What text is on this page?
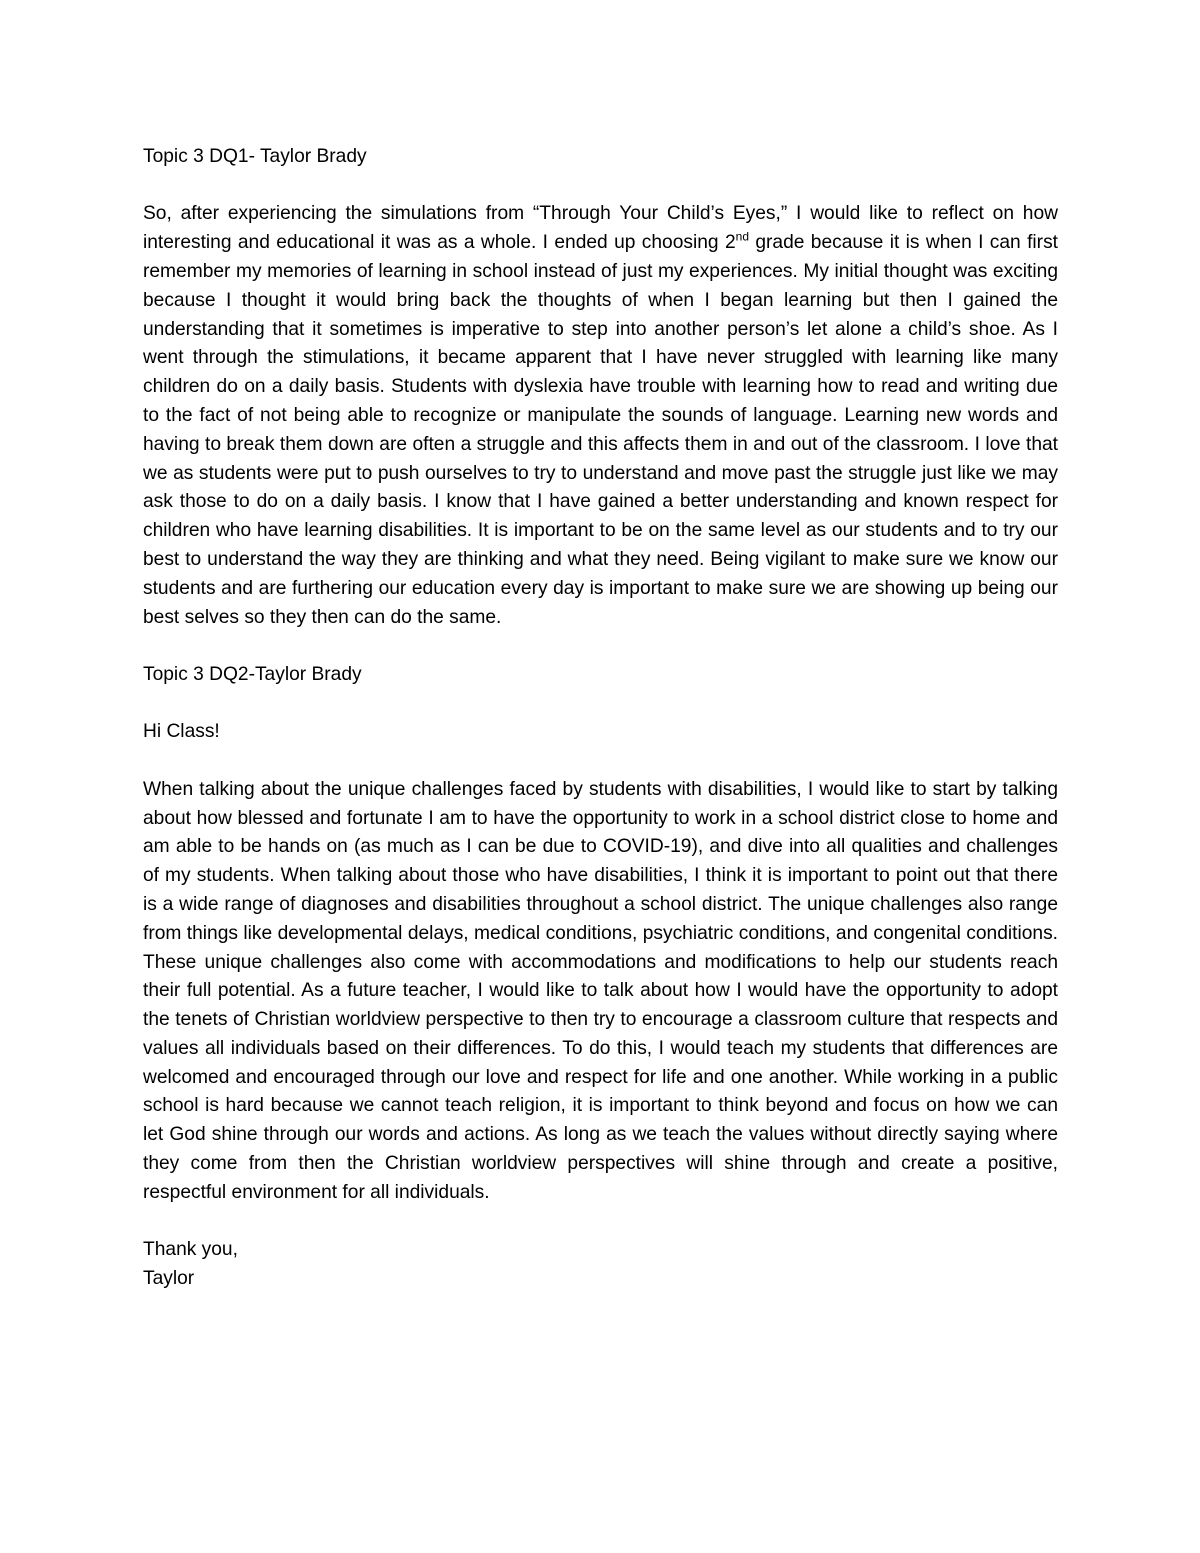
Topic 3 DQ1- Taylor Brady

So, after experiencing the simulations from “Through Your Child’s Eyes,” I would like to reflect on how interesting and educational it was as a whole. I ended up choosing 2nd grade because it is when I can first remember my memories of learning in school instead of just my experiences. My initial thought was exciting because I thought it would bring back the thoughts of when I began learning but then I gained the understanding that it sometimes is imperative to step into another person’s let alone a child’s shoe. As I went through the stimulations, it became apparent that I have never struggled with learning like many children do on a daily basis. Students with dyslexia have trouble with learning how to read and writing due to the fact of not being able to recognize or manipulate the sounds of language. Learning new words and having to break them down are often a struggle and this affects them in and out of the classroom. I love that we as students were put to push ourselves to try to understand and move past the struggle just like we may ask those to do on a daily basis. I know that I have gained a better understanding and known respect for children who have learning disabilities. It is important to be on the same level as our students and to try our best to understand the way they are thinking and what they need. Being vigilant to make sure we know our students and are furthering our education every day is important to make sure we are showing up being our best selves so they then can do the same.

Topic 3 DQ2-Taylor Brady

Hi Class!

When talking about the unique challenges faced by students with disabilities, I would like to start by talking about how blessed and fortunate I am to have the opportunity to work in a school district close to home and am able to be hands on (as much as I can be due to COVID-19), and dive into all qualities and challenges of my students. When talking about those who have disabilities, I think it is important to point out that there is a wide range of diagnoses and disabilities throughout a school district. The unique challenges also range from things like developmental delays, medical conditions, psychiatric conditions, and congenital conditions. These unique challenges also come with accommodations and modifications to help our students reach their full potential. As a future teacher, I would like to talk about how I would have the opportunity to adopt the tenets of Christian worldview perspective to then try to encourage a classroom culture that respects and values all individuals based on their differences. To do this, I would teach my students that differences are welcomed and encouraged through our love and respect for life and one another. While working in a public school is hard because we cannot teach religion, it is important to think beyond and focus on how we can let God shine through our words and actions. As long as we teach the values without directly saying where they come from then the Christian worldview perspectives will shine through and create a positive, respectful environment for all individuals.

Thank you,
Taylor
